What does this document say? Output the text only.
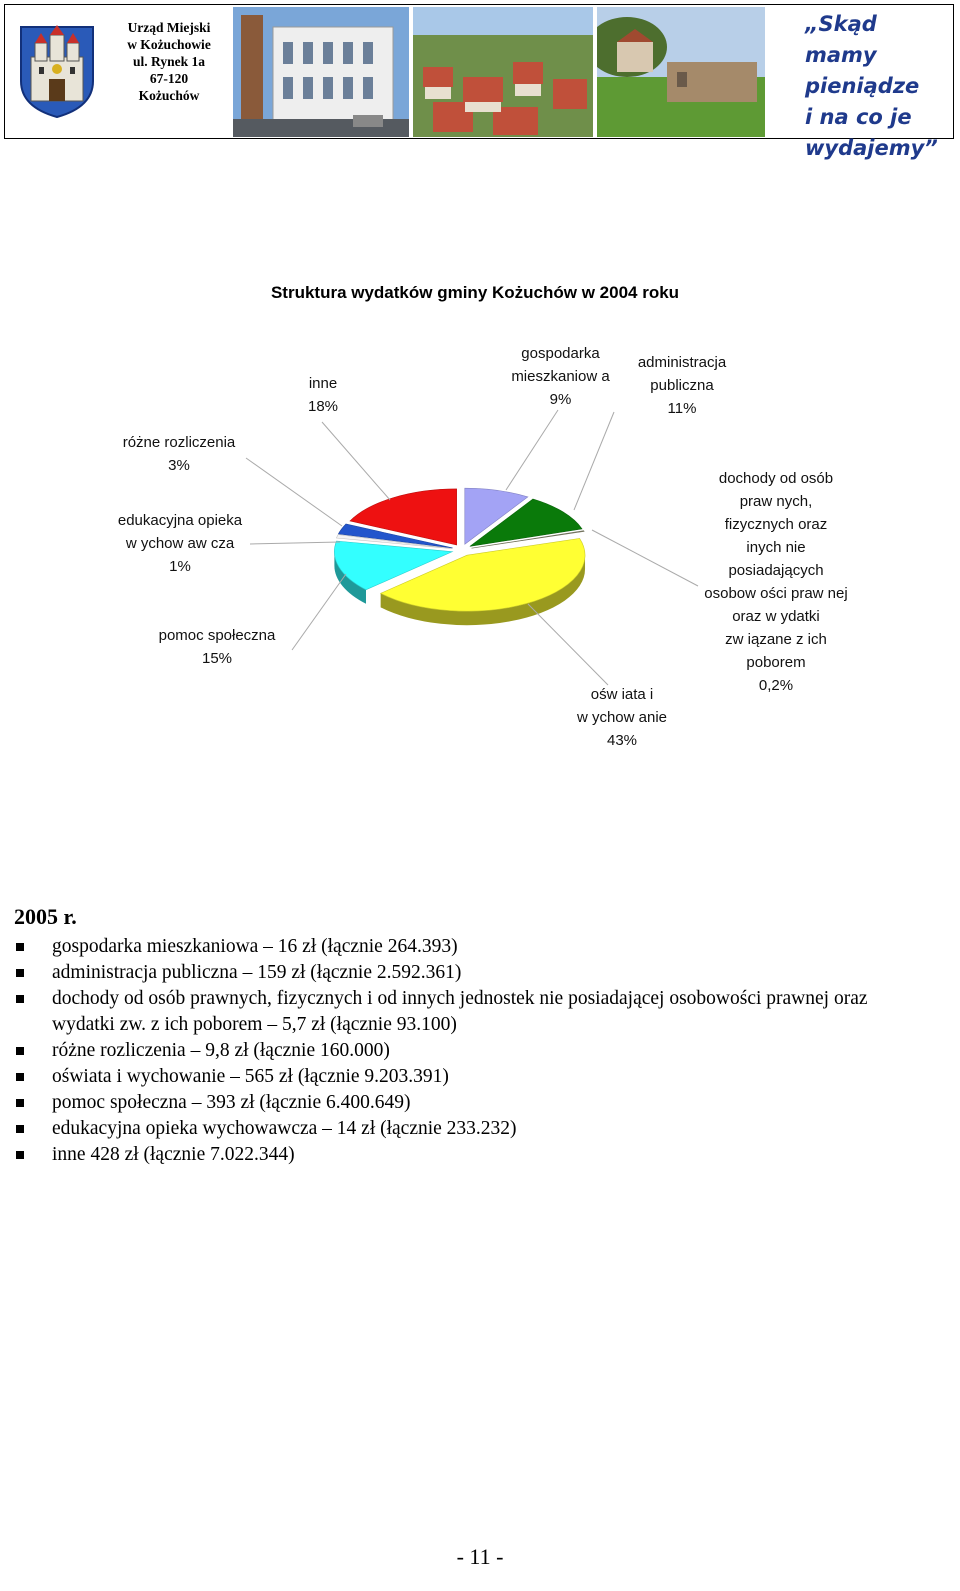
Urząd Miejski
w Kożuchowie
ul. Rynek 1a
67-120
Kożuchów
„Skąd mamy
pieniądze
i na co je
wydajemy”
Struktura wydatków gminy Kożuchów w 2004 roku
inne
18%
gospodarka
mieszkaniow a
9%
administracja
publiczna
11%
różne rozliczenia
3%
edukacyjna opieka
w ychow aw cza
1%
pomoc społeczna
15%
ośw iata i
w ychow anie
43%
dochody od osób
praw nych,
fizycznych oraz
inych nie
posiadających
osobow ości praw nej
oraz w ydatki
zw iązane z ich
poborem
0,2%
2005 r.
gospodarka mieszkaniowa – 16 zł (łącznie 264.393)
administracja publiczna – 159 zł (łącznie 2.592.361)
dochody od osób prawnych, fizycznych i od innych jednostek nie posiadającej osobowości prawnej oraz wydatki zw. z ich poborem – 5,7 zł (łącznie 93.100)
różne rozliczenia – 9,8 zł (łącznie 160.000)
oświata i wychowanie – 565 zł (łącznie 9.203.391)
pomoc społeczna – 393 zł (łącznie 6.400.649)
edukacyjna opieka wychowawcza – 14 zł (łącznie 233.232)
inne 428 zł (łącznie 7.022.344)
- 11 -
